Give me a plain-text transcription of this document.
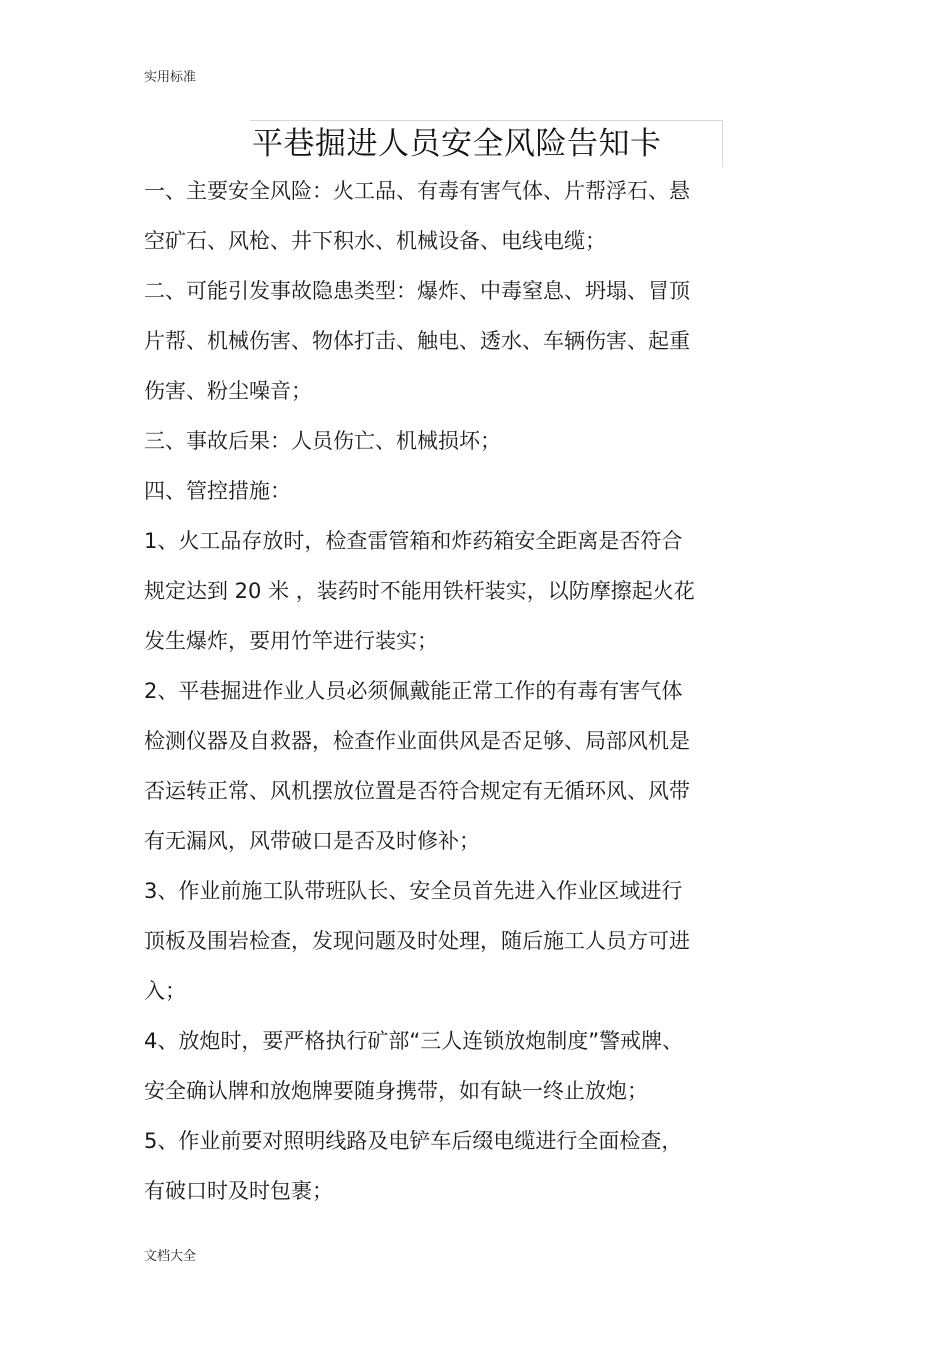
实用标准
平巷掘进人员安全风险告知卡
一、主要安全风险：火工品、有毒有害气体、片帮浮石、悬
空矿石、风枪、井下积水、机械设备、电线电缆；
二、可能引发事故隐患类型：爆炸、中毒窒息、坍塌、冒顶
片帮、机械伤害、物体打击、触电、透水、车辆伤害、起重
伤害、粉尘噪音；
三、事故后果：人员伤亡、机械损坏；
四、管控措施：
1、火工品存放时，检查雷管箱和炸药箱安全距离是否符合
规定达到 20 米 ，装药时不能用铁杆装实，以防摩擦起火花
发生爆炸，要用竹竿进行装实；
2、平巷掘进作业人员必须佩戴能正常工作的有毒有害气体
检测仪器及自救器，检查作业面供风是否足够、局部风机是
否运转正常、风机摆放位置是否符合规定有无循环风、风带
有无漏风，风带破口是否及时修补；
3、作业前施工队带班队长、安全员首先进入作业区域进行
顶板及围岩检查，发现问题及时处理，随后施工人员方可进
入；
4、放炮时，要严格执行矿部“三人连锁放炮制度”警戒牌、
安全确认牌和放炮牌要随身携带，如有缺一终止放炮；
5、作业前要对照明线路及电铲车后缀电缆进行全面检查，
有破口时及时包裹；
文档大全
